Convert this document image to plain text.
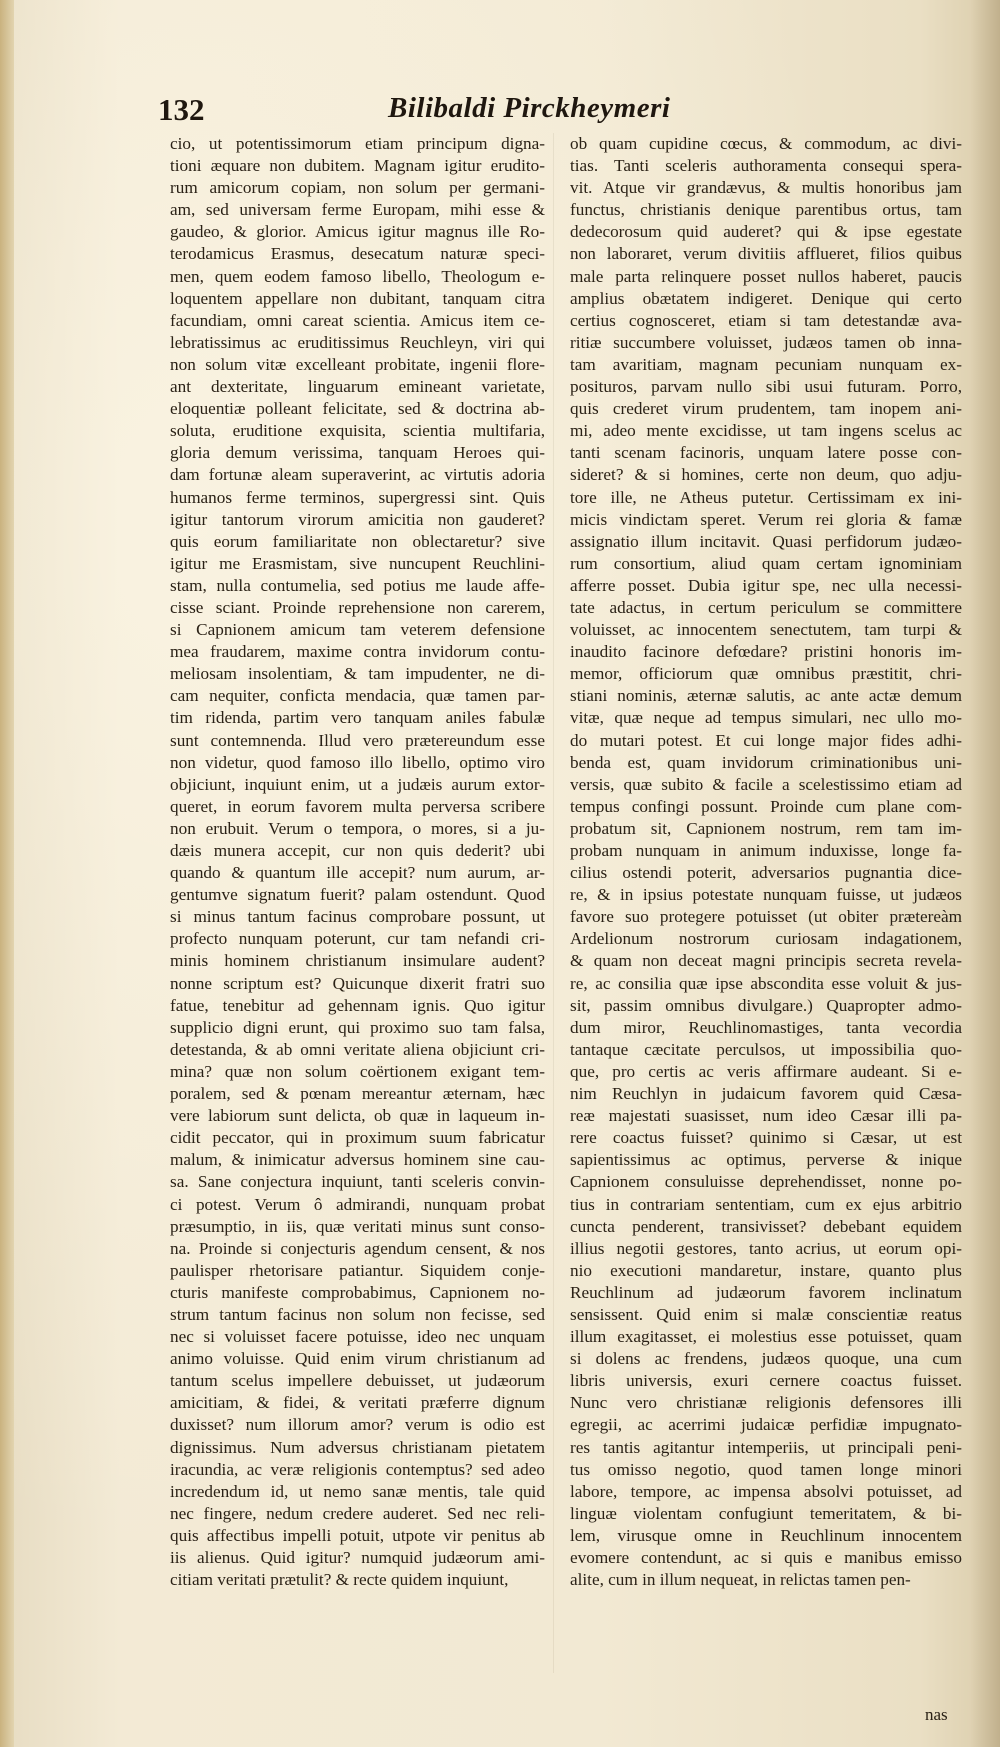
132	Bilibaldi Pirckheymeri
cio, ut potentissimorum etiam principum digna-
tioni æquare non dubitem. Magnam igitur erudito-
rum amicorum copiam, non solum per germani-
am, sed universam ferme Europam, mihi esse &
gaudeo, & glorior. Amicus igitur magnus ille Ro-
terodamicus Erasmus, desecatum naturæ speci-
men, quem eodem famoso libello, Theologum e-
loquentem appellare non dubitant, tanquam citra
facundiam, omni careat scientia. Amicus item ce-
lebratissimus ac eruditissimus Reuchleyn, viri qui
non solum vitæ excelleant probitate, ingenii flore-
ant dexteritate, linguarum emineant varietate,
eloquentiæ polleant felicitate, sed & doctrina ab-
soluta, eruditione exquisita, scientia multifaria,
gloria demum verissima, tanquam Heroes qui-
dam fortunæ aleam superaverint, ac virtutis adoria
humanos ferme terminos, supergressi sint. Quis
igitur tantorum virorum amicitia non gauderet?
quis eorum familiaritate non oblectaretur? sive
igitur me Erasmistam, sive nuncupent Reuchlini-
stam, nulla contumelia, sed potius me laude affe-
cisse sciant. Proinde reprehensione non carerem,
si Capnionem amicum tam veterem defensione
mea fraudarem, maxime contra invidorum contu-
meliosam insolentiam, & tam impudenter, ne di-
cam nequiter, conficta mendacia, quæ tamen par-
tim ridenda, partim vero tanquam aniles fabulæ
sunt contemnenda. Illud vero prætereundum esse
non videtur, quod famoso illo libello, optimo viro
objiciunt, inquiunt enim, ut a judæis aurum extor-
queret, in eorum favorem multa perversa scribere
non erubuit. Verum o tempora, o mores, si a ju-
dæis munera accepit, cur non quis dederit? ubi
quando & quantum ille accepit? num aurum, ar-
gentumve signatum fuerit? palam ostendunt. Quod
si minus tantum facinus comprobare possunt, ut
profecto nunquam poterunt, cur tam nefandi cri-
minis hominem christianum insimulare audent?
nonne scriptum est? Quicunque dixerit fratri suo
fatue, tenebitur ad gehennam ignis. Quo igitur
supplicio digni erunt, qui proximo suo tam falsa,
detestanda, & ab omni veritate aliena objiciunt cri-
mina? quæ non solum coërtionem exigant tem-
poralem, sed & pœnam mereantur æternam, hæc
vere labiorum sunt delicta, ob quæ in laqueum in-
cidit peccator, qui in proximum suum fabricatur
malum, & inimicatur adversus hominem sine cau-
sa. Sane conjectura inquiunt, tanti sceleris convin-
ci potest. Verum ô admirandi, nunquam probat
præsumptio, in iis, quæ veritati minus sunt conso-
na. Proinde si conjecturis agendum censent, & nos
paulisper rhetorisare patiantur. Siquidem conje-
cturis manifeste comprobabimus, Capnionem no-
strum tantum facinus non solum non fecisse, sed
nec si voluisset facere potuisse, ideo nec unquam
animo voluisse. Quid enim virum christianum ad
tantum scelus impellere debuisset, ut judæorum
amicitiam, & fidei, & veritati præferre dignum
duxisset? num illorum amor? verum is odio est
dignissimus. Num adversus christianam pietatem
iracundia, ac veræ religionis contemptus? sed adeo
incredendum id, ut nemo sanæ mentis, tale quid
nec fingere, nedum credere auderet. Sed nec reli-
quis affectibus impelli potuit, utpote vir penitus ab
iis alienus. Quid igitur? numquid judæorum ami-
citiam veritati prætulit? & recte quidem inquiunt,
ob quam cupidine cœcus, & commodum, ac divi-
tias. Tanti sceleris authoramenta consequi spera-
vit. Atque vir grandævus, & multis honoribus jam
functus, christianis denique parentibus ortus, tam
dedecorosum quid auderet? qui & ipse egestate
non laboraret, verum divitiis afflueret, filios quibus
male parta relinquere posset nullos haberet, paucis
amplius obætatem indigeret. Denique qui certo
certius cognosceret, etiam si tam detestandæ ava-
ritiæ succumbere voluisset, judæos tamen ob inna-
tam avaritiam, magnam pecuniam nunquam ex-
posituros, parvam nullo sibi usui futuram. Porro,
quis crederet virum prudentem, tam inopem ani-
mi, adeo mente excidisse, ut tam ingens scelus ac
tanti scenam facinoris, unquam latere posse con-
sideret? & si homines, certe non deum, quo adju-
tore ille, ne Atheus putetur. Certissimam ex ini-
micis vindictam speret. Verum rei gloria & famæ
assignatio illum incitavit. Quasi perfidorum judæo-
rum consortium, aliud quam certam ignominiam
afferre posset. Dubia igitur spe, nec ulla necessi-
tate adactus, in certum periculum se committere
voluisset, ac innocentem senectutem, tam turpi &
inaudito facinore defœdare? pristini honoris im-
memor, officiorum quæ omnibus præstitit, chri-
stiani nominis, æternæ salutis, ac ante actæ demum
vitæ, quæ neque ad tempus simulari, nec ullo mo-
do mutari potest. Et cui longe major fides adhi-
benda est, quam invidorum criminationibus uni-
versis, quæ subito & facile a scelestissimo etiam ad
tempus confingi possunt. Proinde cum plane com-
probatum sit, Capnionem nostrum, rem tam im-
probam nunquam in animum induxisse, longe fa-
cilius ostendi poterit, adversarios pugnantia dice-
re, & in ipsius potestate nunquam fuisse, ut judæos
favore suo protegere potuisset (ut obiter prætereàm
Ardelionum nostrorum curiosam indagationem,
& quam non deceat magni principis secreta revela-
re, ac consilia quæ ipse abscondita esse voluit & jus-
sit, passim omnibus divulgare.) Quapropter admo-
dum miror, Reuchlinomastiges, tanta vecordia
tantaque cæcitate perculsos, ut impossibilia quo-
que, pro certis ac veris affirmare audeant. Si e-
nim Reuchlyn in judaicum favorem quid Cæsa-
reæ majestati suasisset, num ideo Cæsar illi pa-
rere coactus fuisset? quinimo si Cæsar, ut est
sapientissimus ac optimus, perverse & inique
Capnionem consuluisse deprehendisset, nonne po-
tius in contrariam sententiam, cum ex ejus arbitrio
cuncta penderent, transivisset? debebant equidem
illius negotii gestores, tanto acrius, ut eorum opi-
nio executioni mandaretur, instare, quanto plus
Reuchlinum ad judæorum favorem inclinatum
sensissent. Quid enim si malæ conscientiæ reatus
illum exagitasset, ei molestius esse potuisset, quam
si dolens ac frendens, judæos quoque, una cum
libris universis, exuri cernere coactus fuisset.
Nunc vero christianæ religionis defensores illi
egregii, ac acerrimi judaicæ perfidiæ impugnato-
res tantis agitantur intemperiis, ut principali peni-
tus omisso negotio, quod tamen longe minori
labore, tempore, ac impensa absolvi potuisset, ad
linguæ violentam confugiunt temeritatem, & bi-
lem, virusque omne in Reuchlinum innocentem
evomere contendunt, ac si quis e manibus emisso
alite, cum in illum nequeat, in relictas tamen pen-
nas
